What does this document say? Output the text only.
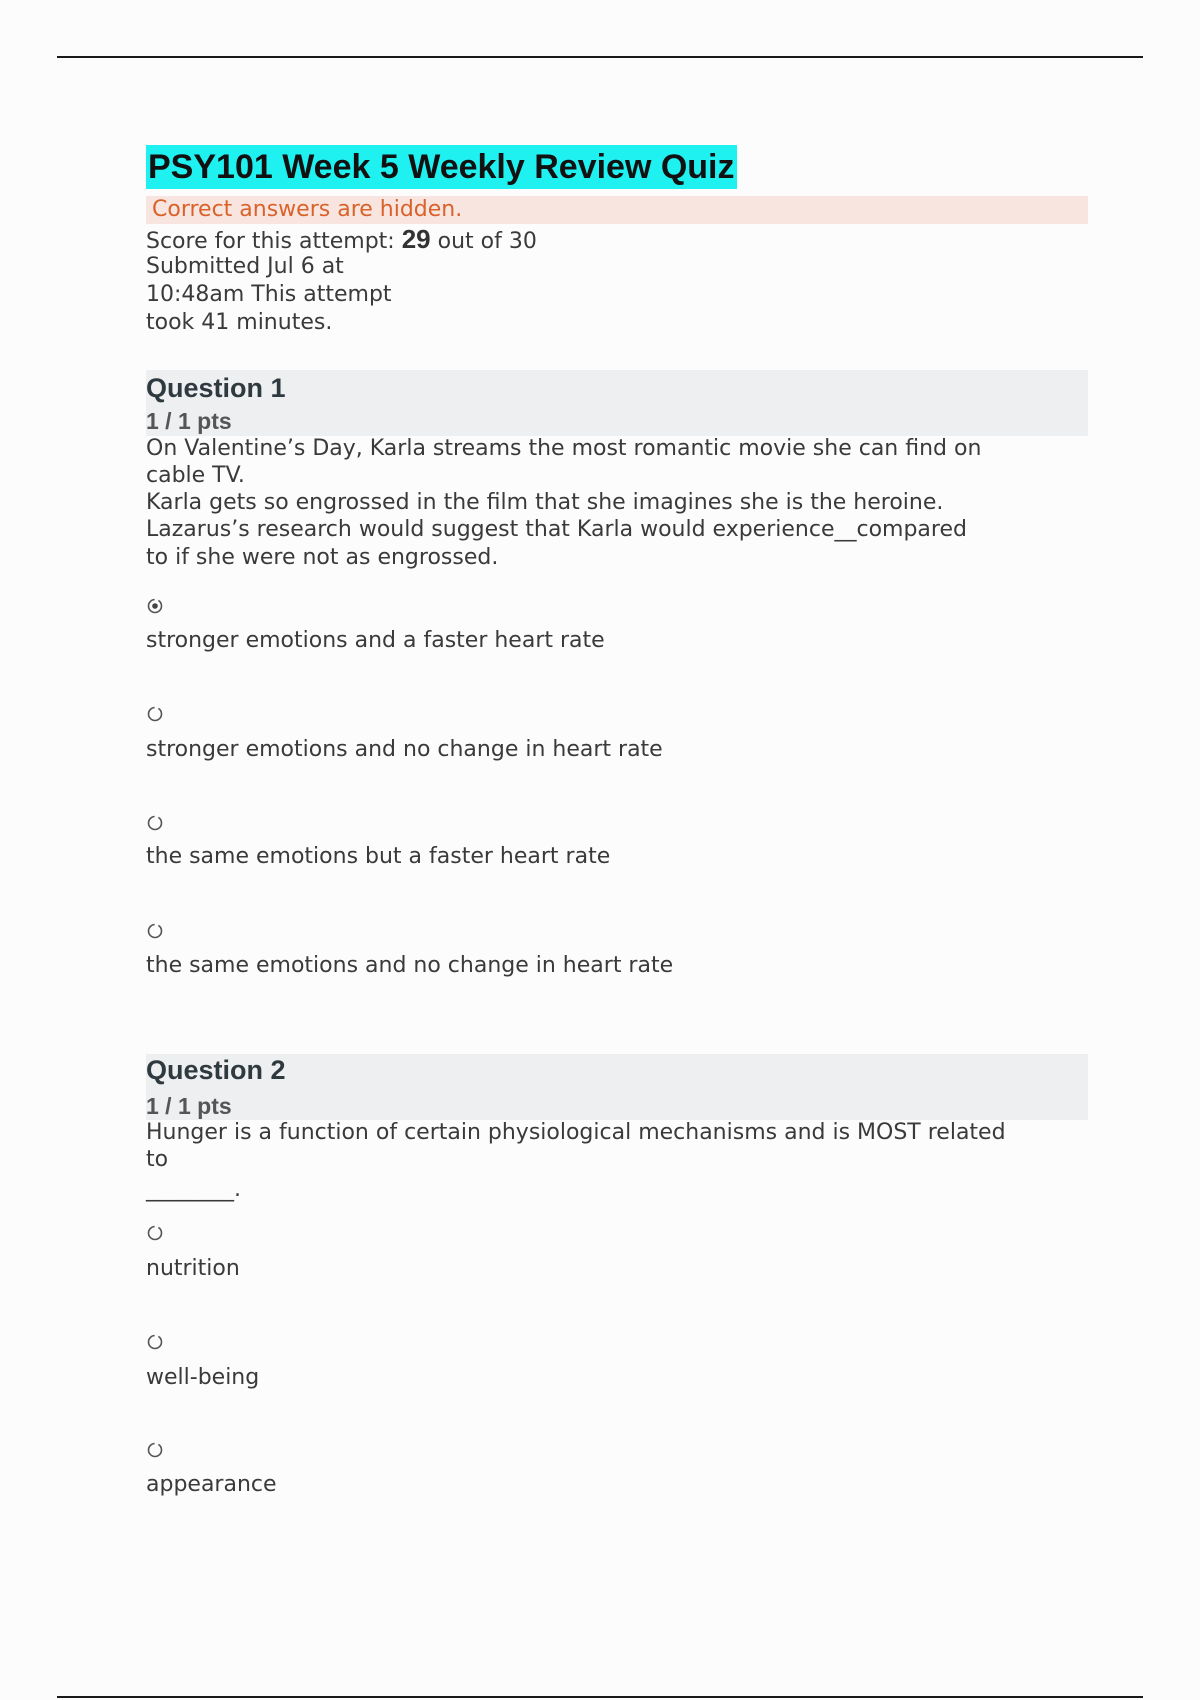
PSY101 Week 5 Weekly Review Quiz
Correct answers are hidden.
Score for this attempt: 29 out of 30
Submitted Jul 6 at
10:48am This attempt
took 41 minutes.
Question 1
1 / 1 pts
On Valentine’s Day, Karla streams the most romantic movie she can find on
cable TV.
Karla gets so engrossed in the film that she imagines she is the heroine.
Lazarus’s research would suggest that Karla would experience__compared
to if she were not as engrossed.
stronger emotions and a faster heart rate
stronger emotions and no change in heart rate
the same emotions but a faster heart rate
the same emotions and no change in heart rate
Question 2
1 / 1 pts
Hunger is a function of certain physiological mechanisms and is MOST related
to
________.
nutrition
well-being
appearance
